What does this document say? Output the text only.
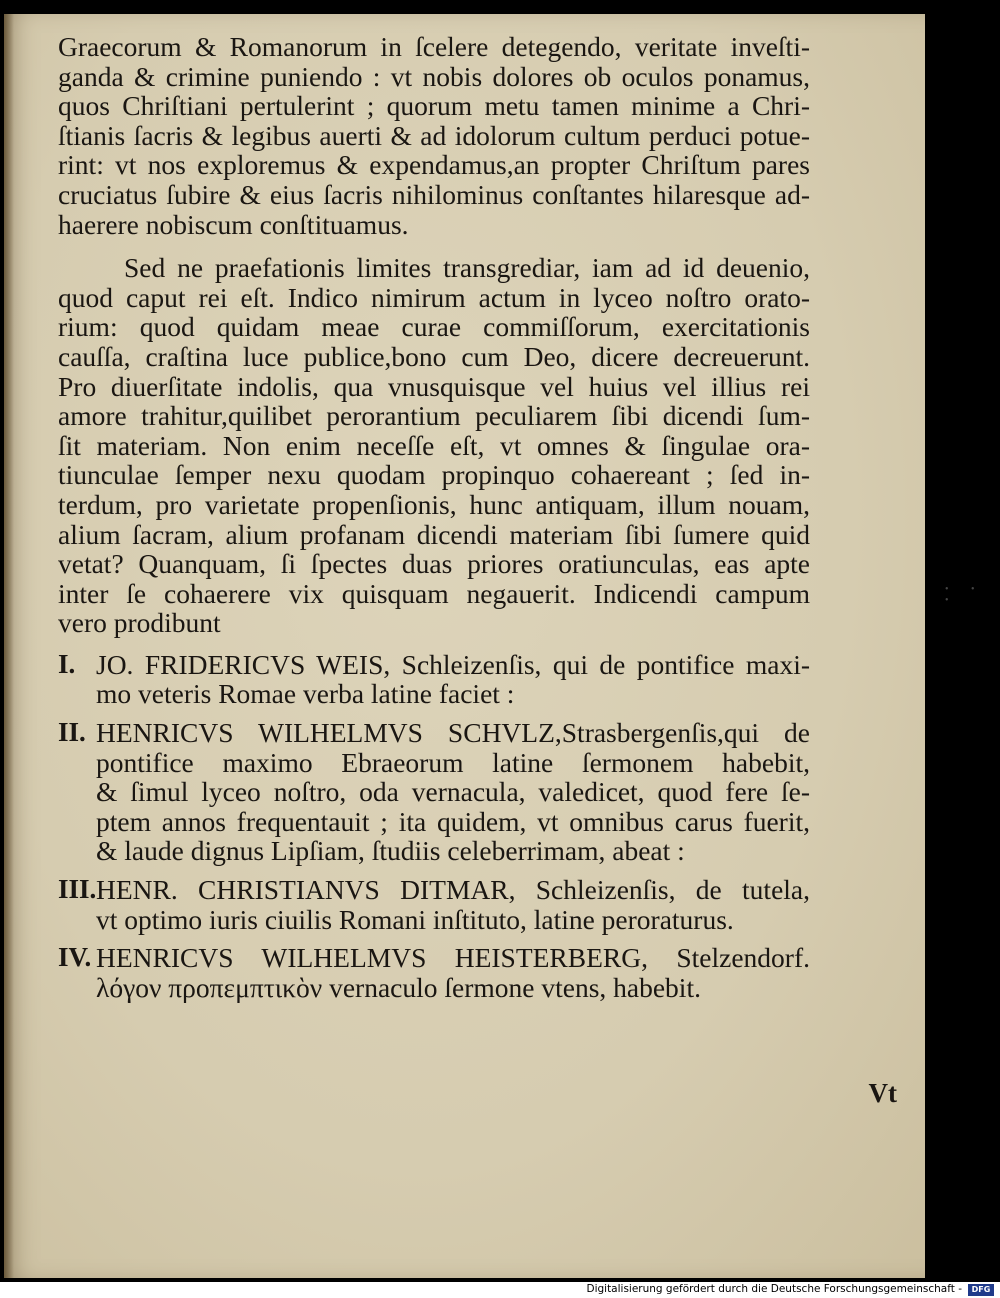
Graecorum & Romanorum in ſcelere detegendo, veritate inveſti-

ganda & crimine puniendo : vt nobis dolores ob oculos ponamus,

quos Chriſtiani pertulerint ; quorum metu tamen minime a Chri-

ſtianis ſacris & legibus auerti & ad idolorum cultum perduci potue-

rint: vt nos exploremus & expendamus,an propter Chriſtum pares

cruciatus ſubire & eius ſacris nihilominus conſtantes hilaresque ad-

haerere nobiscum conſtituamus.

Sed ne praefationis limites transgrediar, iam ad id deuenio,

quod caput rei eſt. Indico nimirum actum in lyceo noſtro orato-

rium: quod quidam meae curae commiſſorum, exercitationis

cauſſa, craſtina luce publice,bono cum Deo, dicere decreuerunt.

Pro diuerſitate indolis, qua vnusquisque vel huius vel illius rei

amore trahitur,quilibet perorantium peculiarem ſibi dicendi ſum-

ſit materiam. Non enim neceſſe eſt, vt omnes & ſingulae ora-

tiunculae ſemper nexu quodam propinquo cohaereant ; ſed in-

terdum, pro varietate propenſionis, hunc antiquam, illum nouam,

alium ſacram, alium profanam dicendi materiam ſibi ſumere quid

vetat? Quanquam, ſi ſpectes duas priores oratiunculas, eas apte

inter ſe cohaerere vix quisquam negauerit. Indicendi campum

vero prodibunt

I. JO. FRIDERICVS WEIS, Schleizenſis, qui de pontifice maxi-

mo veteris Romae verba latine faciet :

II. HENRICVS WILHELMVS SCHVLZ,Strasbergenſis,qui de

pontifice maximo Ebraeorum latine ſermonem habebit,

& ſimul lyceo noſtro, oda vernacula, valedicet, quod fere ſe-

ptem annos frequentauit ; ita quidem, vt omnibus carus fuerit,

& laude dignus Lipſiam, ſtudiis celeberrimam, abeat :

III. HENR. CHRISTIANVS DITMAR, Schleizenſis, de tutela,

vt optimo iuris ciuilis Romani inſtituto, latine peroraturus.

IV. HENRICVS WILHELMVS HEISTERBERG, Stelzendorf.

λόγον προπεμπτικὸν vernaculo ſermone vtens, habebit.

Vt
• • •
Digitalisierung gefördert durch die Deutsche Forschungsgemeinschaft -	DFG
